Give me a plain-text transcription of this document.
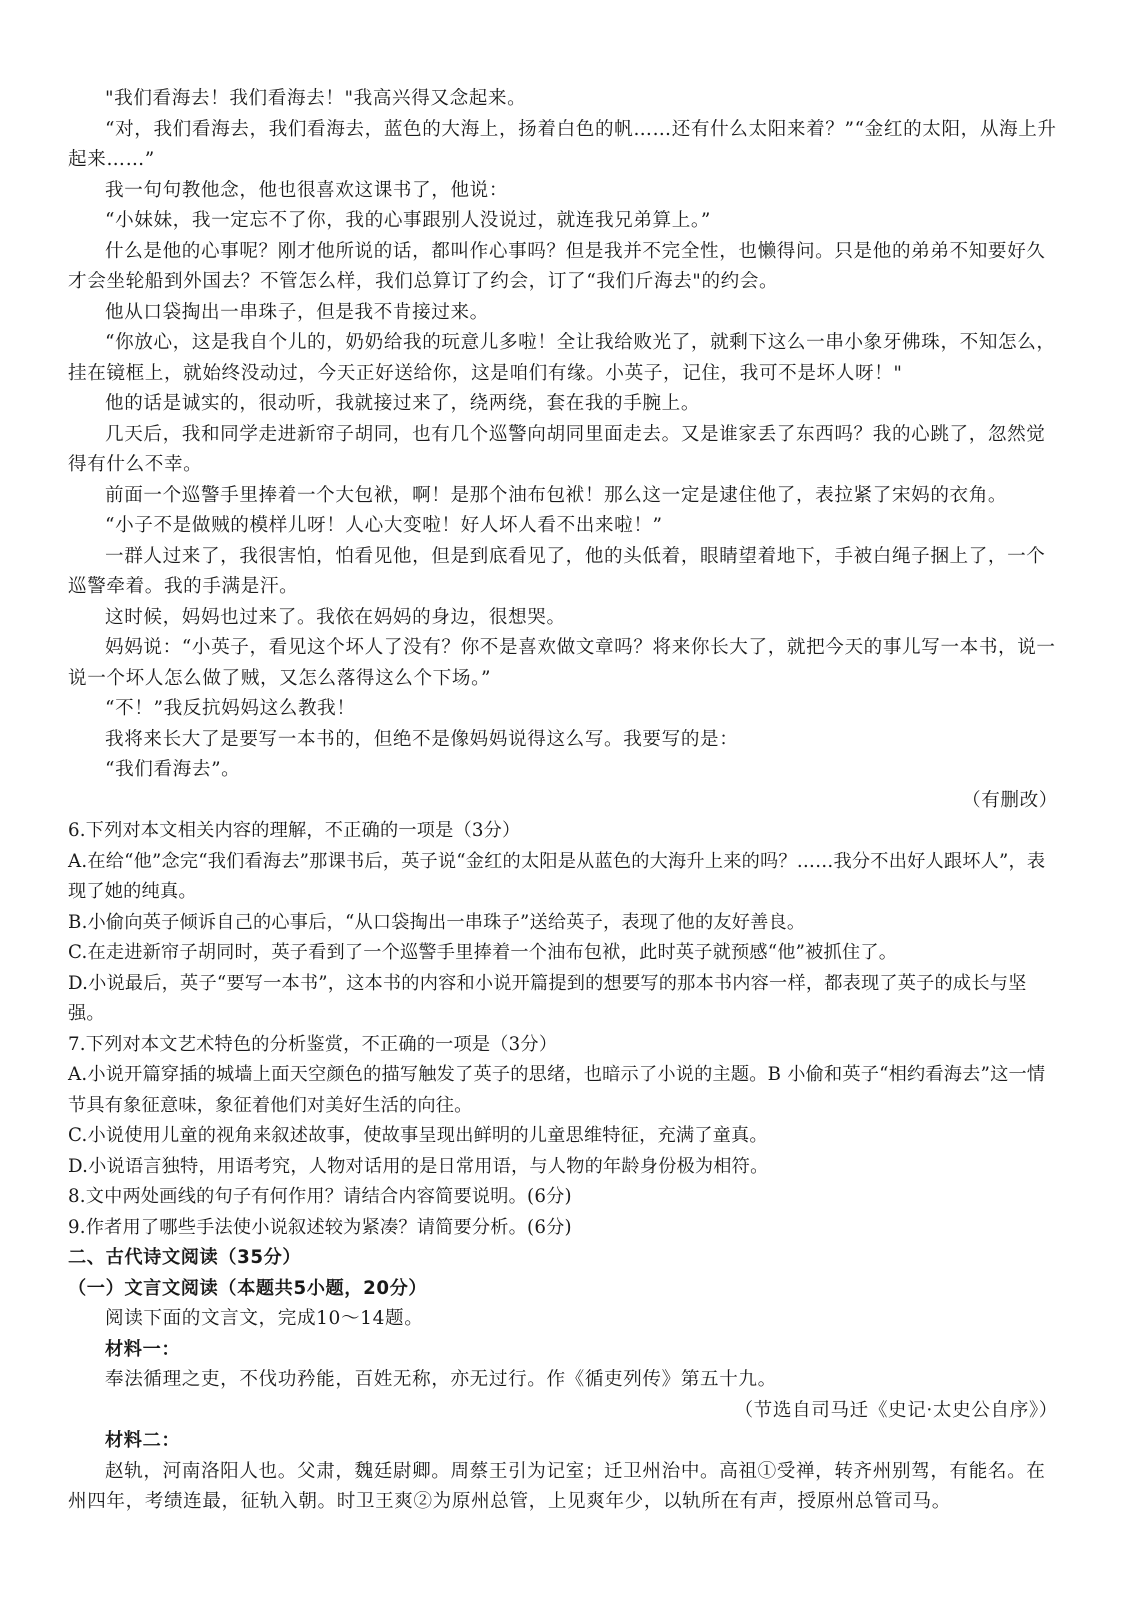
"我们看海去！我们看海去！"我高兴得又念起来。

“对，我们看海去，我们看海去，蓝色的大海上，扬着白色的帆……还有什么太阳来着？”“金红的太阳，从海上升起来……”

我一句句教他念，他也很喜欢这课书了，他说：

“小妹妹，我一定忘不了你，我的心事跟别人没说过，就连我兄弟算上。”

什么是他的心事呢？刚才他所说的话，都叫作心事吗？但是我并不完全性，也懒得问。只是他的弟弟不知要好久才会坐轮船到外国去？不管怎么样，我们总算订了约会，订了“我们斤海去"的约会。

他从口袋掏出一串珠子，但是我不肯接过来。

“你放心，这是我自个儿的，奶奶给我的玩意儿多啦！全让我给败光了，就剩下这么一串小象牙佛珠，不知怎么，挂在镜框上，就始终没动过，今天正好送给你，这是咱们有缘。小英子，记住，我可不是坏人呀！"

他的话是诚实的，很动听，我就接过来了，绕两绕，套在我的手腕上。

几天后，我和同学走进新帘子胡同，也有几个巡警向胡同里面走去。又是谁家丢了东西吗？我的心跳了，忽然觉得有什么不幸。

前面一个巡警手里捧着一个大包袱，啊！是那个油布包袱！那么这一定是逮住他了，表拉紧了宋妈的衣角。

“小子不是做贼的模样儿呀！人心大变啦！好人坏人看不出来啦！”

一群人过来了，我很害怕，怕看见他，但是到底看见了，他的头低着，眼睛望着地下，手被白绳子捆上了，一个巡警牵着。我的手满是汗。

这时候，妈妈也过来了。我依在妈妈的身边，很想哭。

妈妈说：“小英子，看见这个坏人了没有？你不是喜欢做文章吗？将来你长大了，就把今天的事儿写一本书，说一说一个坏人怎么做了贼，又怎么落得这么个下场。”

“不！”我反抗妈妈这么教我！

我将来长大了是要写一本书的，但绝不是像妈妈说得这么写。我要写的是：

“我们看海去”。

（有删改）

6.下列对本文相关内容的理解，不正确的一项是（3分）

A.在给“他”念完“我们看海去”那课书后，英子说“金红的太阳是从蓝色的大海升上来的吗？……我分不出好人跟坏人”，表现了她的纯真。

B.小偷向英子倾诉自己的心事后，“从口袋掏出一串珠子”送给英子，表现了他的友好善良。

C.在走进新帘子胡同时，英子看到了一个巡警手里捧着一个油布包袱，此时英子就预感“他”被抓住了。

D.小说最后，英子“要写一本书”，这本书的内容和小说开篇提到的想要写的那本书内容一样，都表现了英子的成长与坚强。

7.下列对本文艺术特色的分析鉴赏，不正确的一项是（3分）

A.小说开篇穿插的城墙上面天空颜色的描写触发了英子的思绪，也暗示了小说的主题。B 小偷和英子“相约看海去”这一情节具有象征意味，象征着他们对美好生活的向往。

C.小说使用儿童的视角来叙述故事，使故事呈现出鲜明的儿童思维特征，充满了童真。

D.小说语言独特，用语考究，人物对话用的是日常用语，与人物的年龄身份极为相符。

8.文中两处画线的句子有何作用？请结合内容简要说明。(6分)

9.作者用了哪些手法使小说叙述较为紧凑？请简要分析。(6分)

二、古代诗文阅读（35分）

（一）文言文阅读（本题共5小题，20分）

阅读下面的文言文，完成10～14题。

材料一：

奉法循理之吏，不伐功矜能，百姓无称，亦无过行。作《循吏列传》第五十九。

（节选自司马迁《史记·太史公自序》）

材料二：

赵轨，河南洛阳人也。父肃，魏廷尉卿。周蔡王引为记室；迁卫州治中。高祖①受禅，转齐州别驾，有能名。在州四年，考绩连最，征轨入朝。时卫王爽②为原州总管，上见爽年少，以轨所在有声，授原州总管司马。
